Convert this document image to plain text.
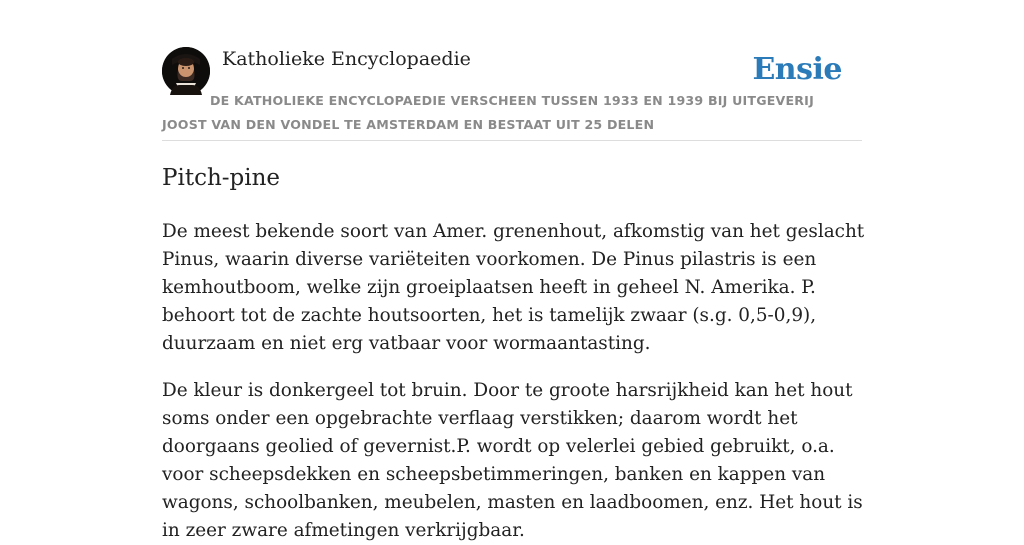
Katholieke Encyclopaedie	Ensie

DE KATHOLIEKE ENCYCLOPAEDIE VERSCHEEN TUSSEN 1933 EN 1939 BIJ UITGEVERIJ JOOST VAN DEN VONDEL TE AMSTERDAM EN BESTAAT UIT 25 DELEN

Pitch-pine

De meest bekende soort van Amer. grenenhout, afkomstig van het geslacht Pinus, waarin diverse variëteiten voorkomen. De Pinus pilastris is een kemhoutboom, welke zijn groeiplaatsen heeft in geheel N. Amerika. P. behoort tot de zachte houtsoorten, het is tamelijk zwaar (s.g. 0,5-0,9), duurzaam en niet erg vatbaar voor wormaantasting.

De kleur is donkergeel tot bruin. Door te groote harsrijkheid kan het hout soms onder een opgebrachte verflaag verstikken; daarom wordt het doorgaans geolied of gevernist.P. wordt op velerlei gebied gebruikt, o.a. voor scheepsdekken en scheepsbetimmeringen, banken en kappen van wagons, schoolbanken, meubelen, masten en laadboomen, enz. Het hout is in zeer zware afmetingen verkrijgbaar.
